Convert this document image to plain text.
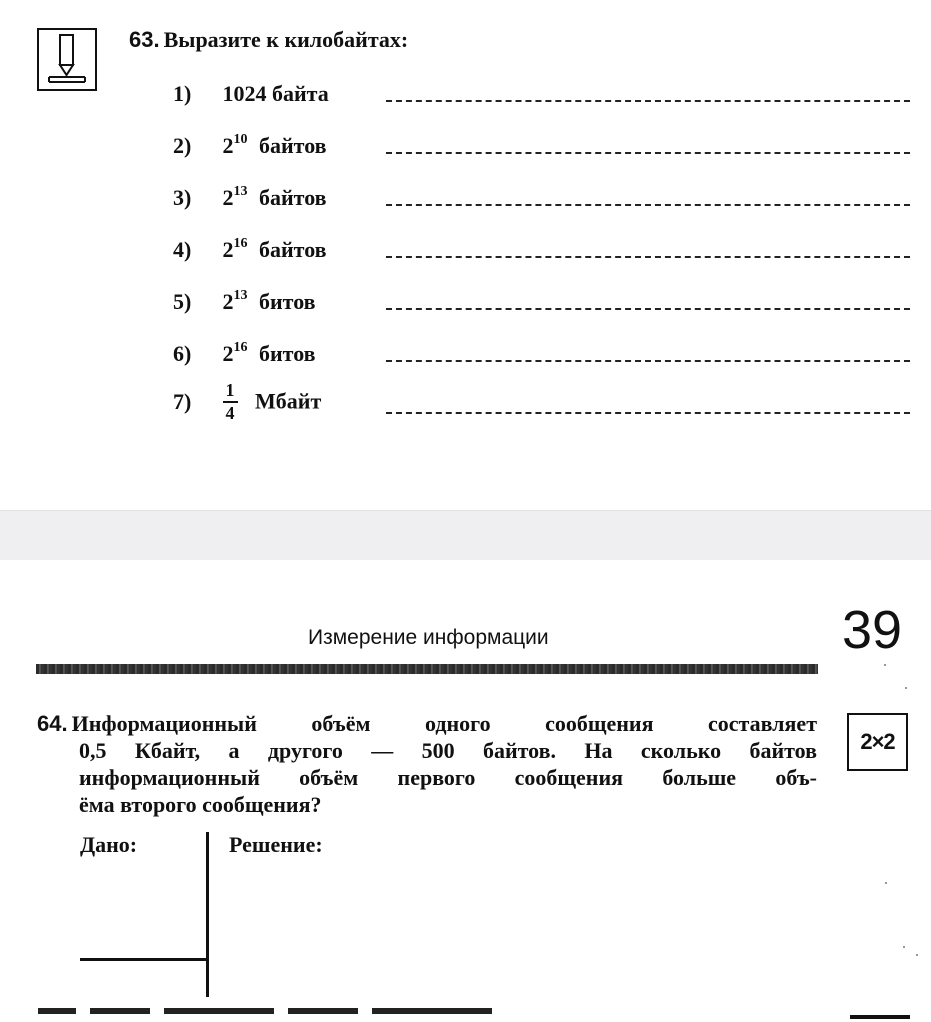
63. Выразите к килобайтах:
1) 1024 байта
2) $2^{10}$ байтов
3) $2^{13}$ байтов
4) $2^{16}$ байтов
5) $2^{13}$ битов
6) $2^{16}$ битов
$7) \frac{1}{4}$ Мбайт
Измерение информации	39
64. Информационный объём одного сообщения составляет
0,5 Кбайт, а другого — 500 байтов. На сколько байтов
информационный объём первого сообщения больше объ-
ёма второго сообщения?
2×2
Дано:	Решение:
